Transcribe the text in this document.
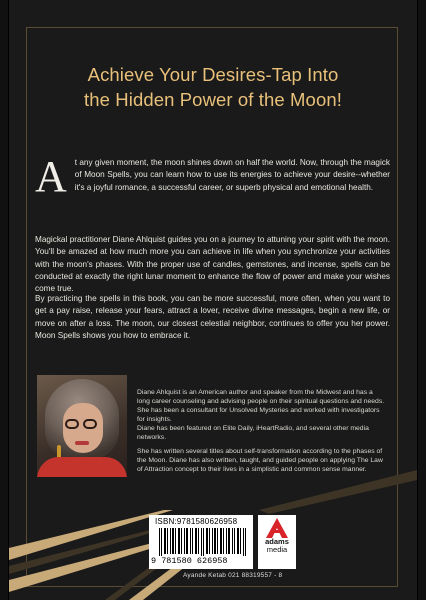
Achieve Your Desires-Tap Into
the Hidden Power of the Moon!
A t any given moment, the moon shines down on half the world. Now, through the magick of Moon Spells, you can learn how to use its energies to achieve your desire--whether it's a joyful romance, a successful career, or superb physical and emotional health.
Magickal practitioner Diane Ahlquist guides you on a journey to attuning your spirit with the moon. You'll be amazed at how much more you can achieve in life when you synchronize your activities with the moon's phases. With the proper use of candles, gemstones, and incense, spells can be conducted at exactly the right lunar moment to enhance the flow of power and make your wishes come true.
By practicing the spells in this book, you can be more successful, more often, when you want to get a pay raise, release your fears, attract a lover, receive divine messages, begin a new life, or move on after a loss. The moon, our closest celestial neighbor, continues to offer you her power. Moon Spells shows you how to embrace it.
Diane Ahlquist is an American author and speaker from the Midwest and has a long career counseling and advising people on their spiritual questions and needs. She has been a consultant for Unsolved Mysteries and worked with investigators for insights.
Diane has been featured on Elite Daily, iHeartRadio, and several other media networks.
She has written several titles about self-transformation according to the phases of the Moon. Diane has also written, taught, and guided people on applying The Law of Attraction concept to their lives in a simplistic and common sense manner.
ISBN:9781580626958
9 781580 626958
adams
media
Ayande Ketab 021 88319557 - 8
